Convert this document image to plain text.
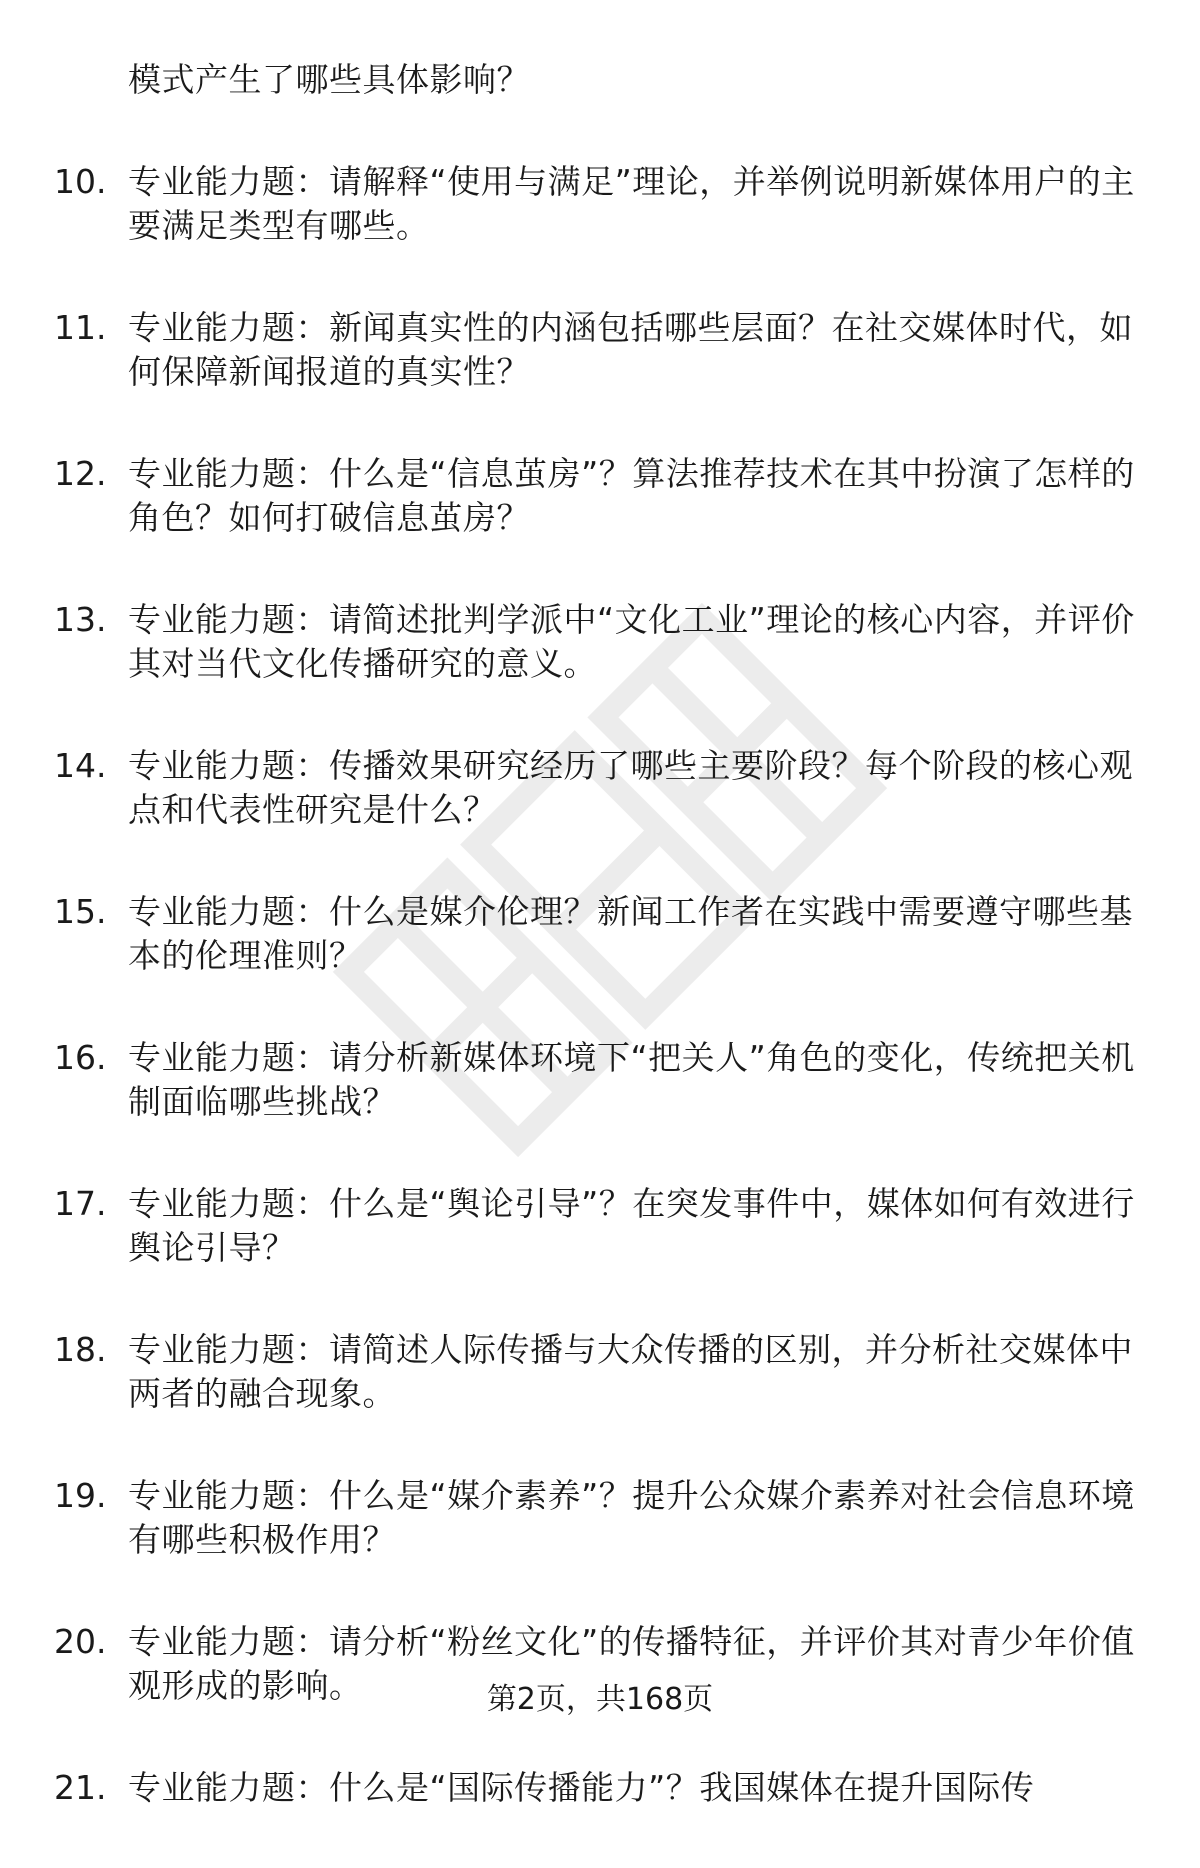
模式产生了哪些具体影响？
10. 专业能力题：请解释“使用与满足”理论，并举例说明新媒体用户的主要满足类型有哪些。
11. 专业能力题：新闻真实性的内涵包括哪些层面？在社交媒体时代，如何保障新闻报道的真实性？
12. 专业能力题：什么是“信息茧房”？算法推荐技术在其中扮演了怎样的角色？如何打破信息茧房？
13. 专业能力题：请简述批判学派中“文化工业”理论的核心内容，并评价其对当代文化传播研究的意义。
14. 专业能力题：传播效果研究经历了哪些主要阶段？每个阶段的核心观点和代表性研究是什么？
15. 专业能力题：什么是媒介伦理？新闻工作者在实践中需要遵守哪些基本的伦理准则？
16. 专业能力题：请分析新媒体环境下“把关人”角色的变化，传统把关机制面临哪些挑战？
17. 专业能力题：什么是“舆论引导”？在突发事件中，媒体如何有效进行舆论引导？
18. 专业能力题：请简述人际传播与大众传播的区别，并分析社交媒体中两者的融合现象。
19. 专业能力题：什么是“媒介素养”？提升公众媒介素养对社会信息环境有哪些积极作用？
20. 专业能力题：请分析“粉丝文化”的传播特征，并评价其对青少年价值观形成的影响。
21. 专业能力题：什么是“国际传播能力”？我国媒体在提升国际传
第2页，共168页
